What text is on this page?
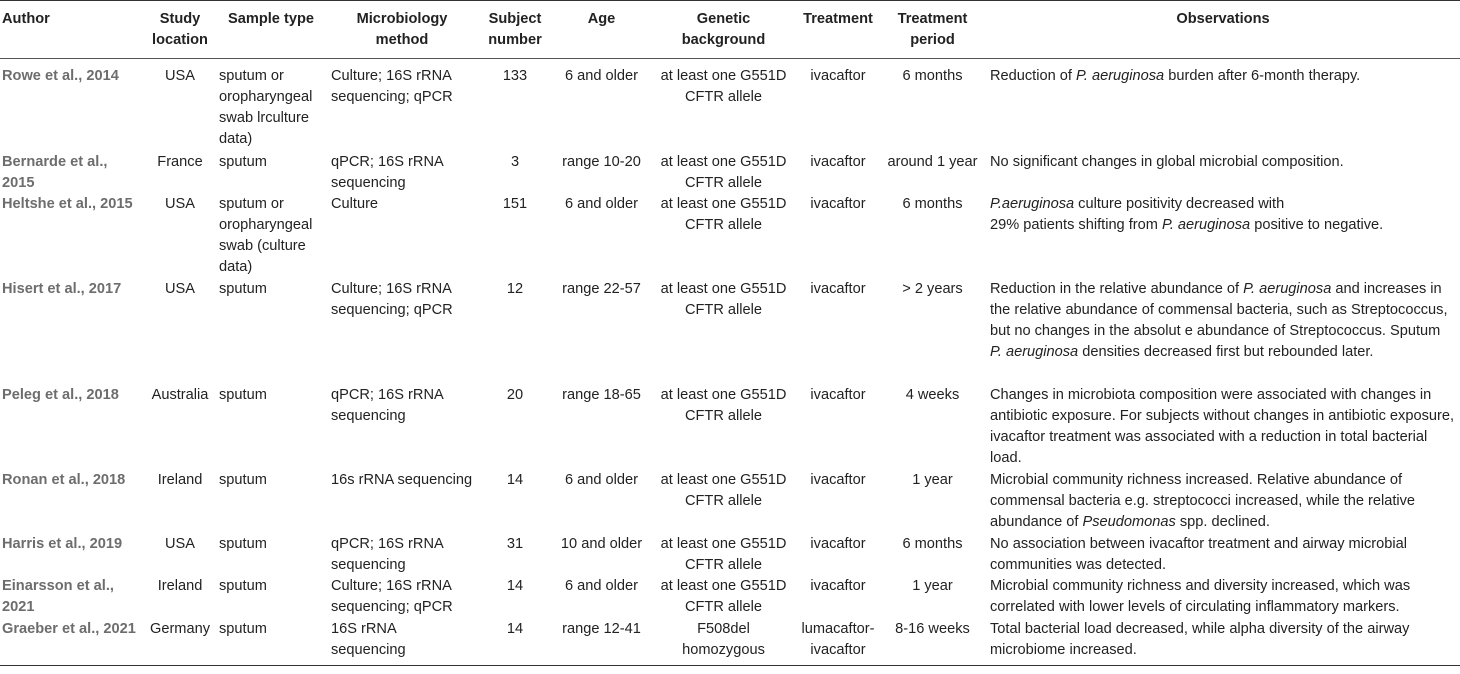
Author	Study location	Sample type	Microbiology method	Subject number	Age	Genetic background	Treatment	Treatment period	Observations
Rowe et al., 2014	USA	sputum or oropharyngeal swab lrculture data)	Culture; 16S rRNA sequencing; qPCR	133	6 and older	at least one G551D CFTR allele	ivacaftor	6 months	Reduction of P. aeruginosa burden after 6-month therapy.
Bernarde et al., 2015	France	sputum	qPCR; 16S rRNA sequencing	3	range 10-20	at least one G551D CFTR allele	ivacaftor	around 1 year	No significant changes in global microbial composition.
Heltshe et al., 2015	USA	sputum or oropharyngeal swab (culture data)	Culture	151	6 and older	at least one G551D CFTR allele	ivacaftor	6 months	P.aeruginosa culture positivity decreased with
29% patients shifting from P. aeruginosa positive to negative.
Hisert et al., 2017	USA	sputum	Culture; 16S rRNA sequencing; qPCR	12	range 22-57	at least one G551D CFTR allele	ivacaftor	> 2 years	Reduction in the relative abundance of P. aeruginosa and increases in the relative abundance of commensal bacteria, such as Streptococcus, but no changes in the absolut e abundance of Streptococcus. Sputum P. aeruginosa densities decreased first but rebounded later.
Peleg et al., 2018	Australia	sputum	qPCR; 16S rRNA sequencing	20	range 18-65	at least one G551D CFTR allele	ivacaftor	4 weeks	Changes in microbiota composition were associated with changes in antibiotic exposure. For subjects without changes in antibiotic exposure, ivacaftor treatment was associated with a reduction in total bacterial load.
Ronan et al., 2018	Ireland	sputum	16s rRNA sequencing	14	6 and older	at least one G551D CFTR allele	ivacaftor	1 year	Microbial community richness increased. Relative abundance of commensal bacteria e.g. streptococci increased, while the relative abundance of Pseudomonas spp. declined.
Harris et al., 2019	USA	sputum	qPCR; 16S rRNA sequencing	31	10 and older	at least one G551D CFTR allele	ivacaftor	6 months	No association between ivacaftor treatment and airway microbial communities was detected.
Einarsson et al., 2021	Ireland	sputum	Culture; 16S rRNA sequencing; qPCR	14	6 and older	at least one G551D CFTR allele	ivacaftor	1 year	Microbial community richness and diversity increased, which was correlated with lower levels of circulating inflammatory markers.
Graeber et al., 2021	Germany	sputum	16S rRNA sequencing	14	range 12-41	F508del homozygous	lumacaftor-ivacaftor	8-16 weeks	Total bacterial load decreased, while alpha diversity of the airway microbiome increased.
